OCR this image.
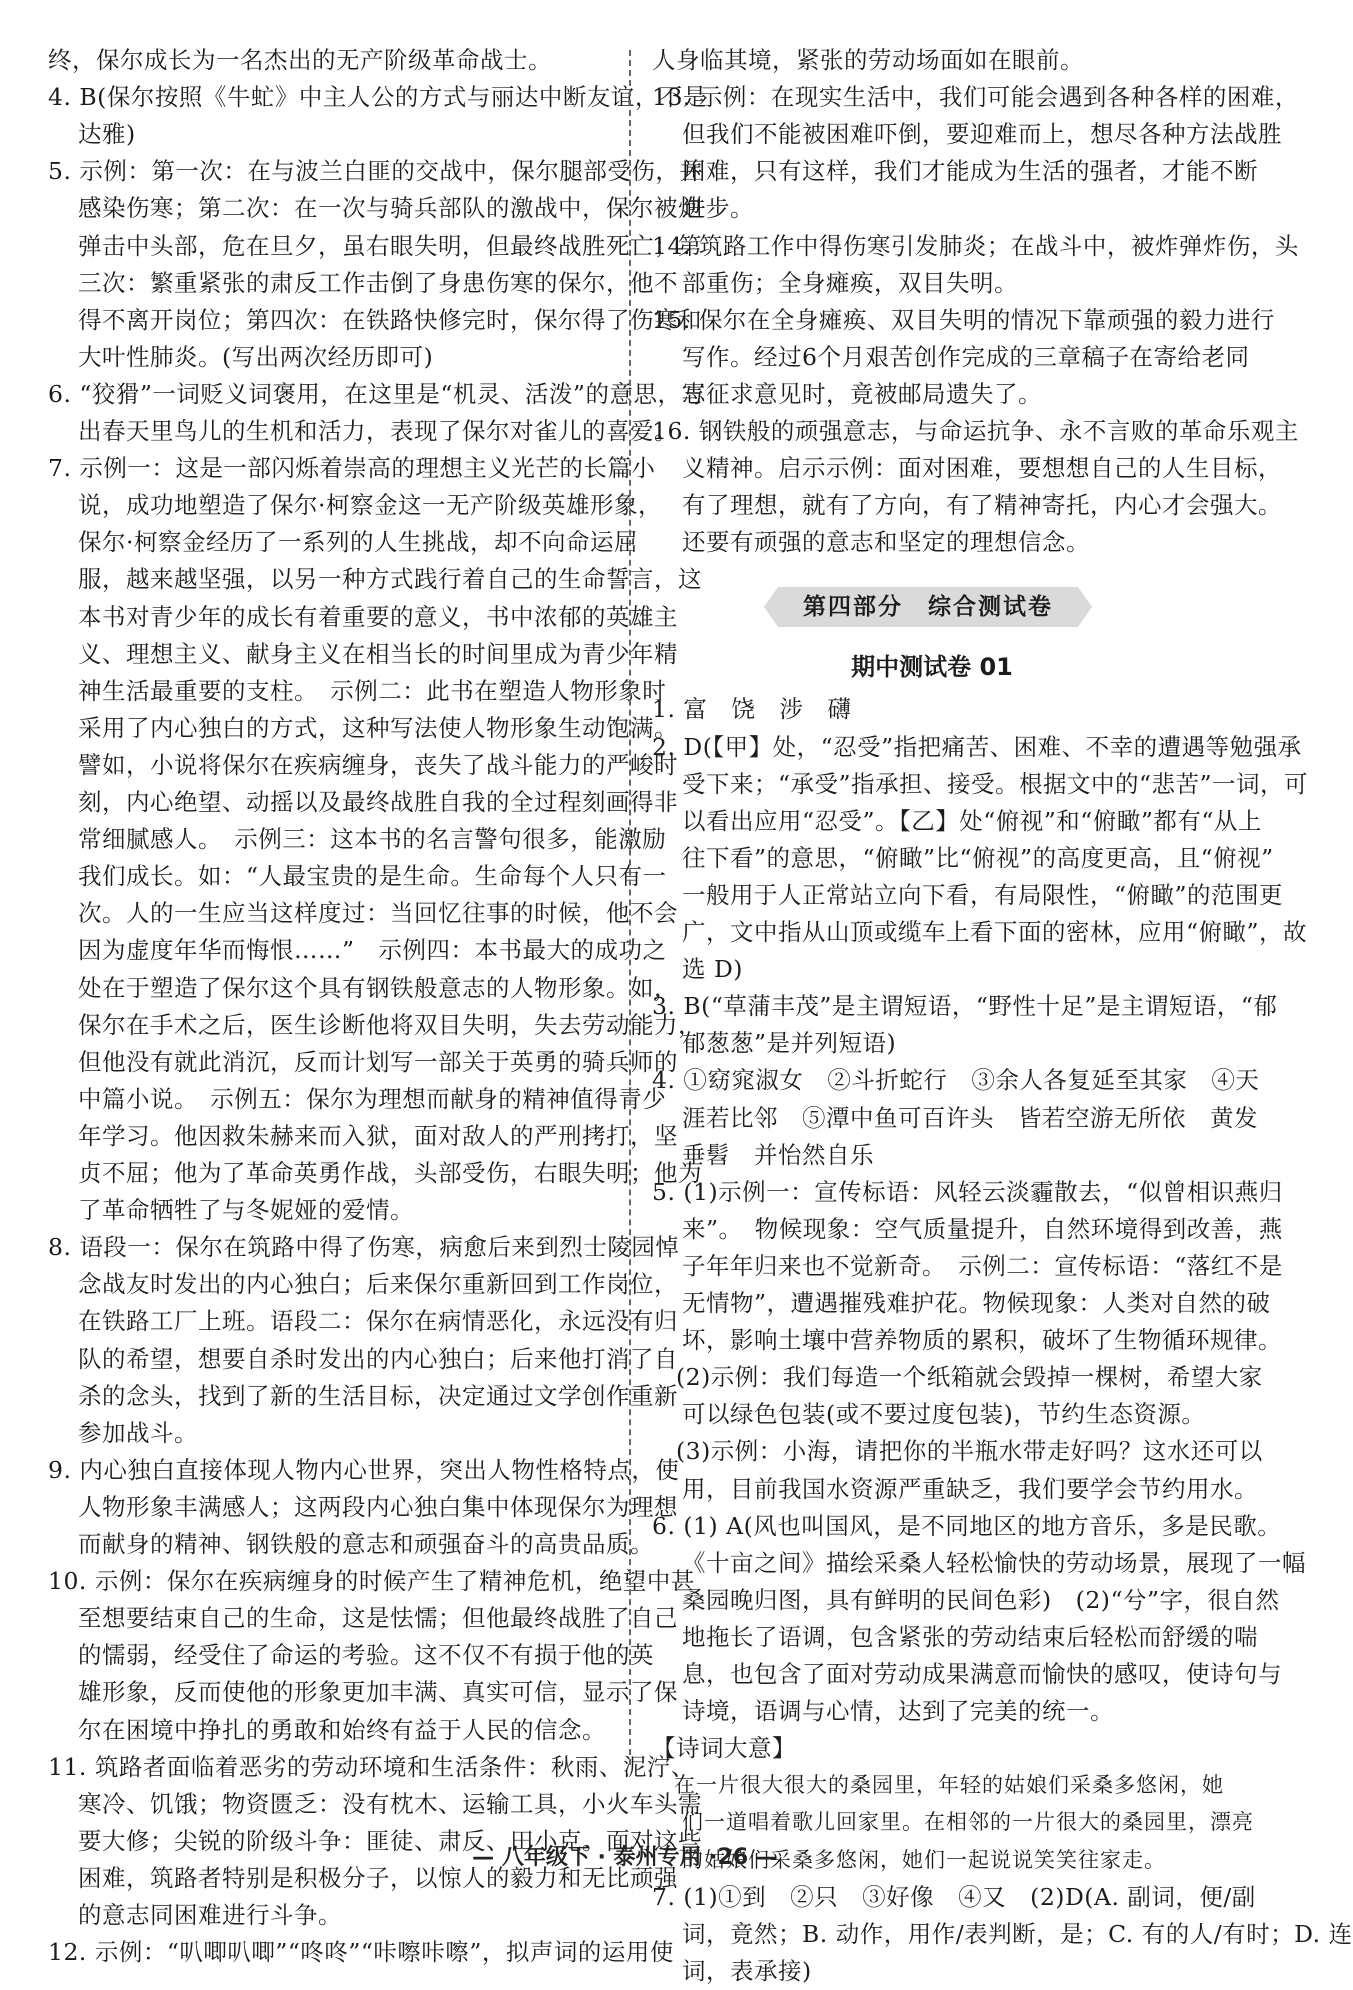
终，保尔成长为一名杰出的无产阶级革命战士。
4. B(保尔按照《牛虻》中主人公的方式与丽达中断友谊，不是
达雅)
5. 示例：第一次：在与波兰白匪的交战中，保尔腿部受伤，并
感染伤寒；第二次：在一次与骑兵部队的激战中，保尔被炮
弹击中头部，危在旦夕，虽右眼失明，但最终战胜死亡；第
三次：繁重紧张的肃反工作击倒了身患伤寒的保尔，他不
得不离开岗位；第四次：在铁路快修完时，保尔得了伤寒和
大叶性肺炎。(写出两次经历即可)
6. “狡猾”一词贬义词褒用，在这里是“机灵、活泼”的意思，写
出春天里鸟儿的生机和活力，表现了保尔对雀儿的喜爱。
7. 示例一：这是一部闪烁着崇高的理想主义光芒的长篇小
说，成功地塑造了保尔·柯察金这一无产阶级英雄形象，
保尔·柯察金经历了一系列的人生挑战，却不向命运屈
服，越来越坚强，以另一种方式践行着自己的生命誓言，这
本书对青少年的成长有着重要的意义，书中浓郁的英雄主
义、理想主义、献身主义在相当长的时间里成为青少年精
神生活最重要的支柱。　示例二：此书在塑造人物形象时
采用了内心独白的方式，这种写法使人物形象生动饱满。
譬如，小说将保尔在疾病缠身，丧失了战斗能力的严峻时
刻，内心绝望、动摇以及最终战胜自我的全过程刻画得非
常细腻感人。　示例三：这本书的名言警句很多，能激励
我们成长。如：“人最宝贵的是生命。生命每个人只有一
次。人的一生应当这样度过：当回忆往事的时候，他不会
因为虚度年华而悔恨……”　示例四：本书最大的成功之
处在于塑造了保尔这个具有钢铁般意志的人物形象。如，
保尔在手术之后，医生诊断他将双目失明，失去劳动能力，
但他没有就此消沉，反而计划写一部关于英勇的骑兵师的
中篇小说。　示例五：保尔为理想而献身的精神值得青少
年学习。他因救朱赫来而入狱，面对敌人的严刑拷打，坚
贞不屈；他为了革命英勇作战，头部受伤，右眼失明；他为
了革命牺牲了与冬妮娅的爱情。
8. 语段一：保尔在筑路中得了伤寒，病愈后来到烈士陵园悼
念战友时发出的内心独白；后来保尔重新回到工作岗位，
在铁路工厂上班。语段二：保尔在病情恶化，永远没有归
队的希望，想要自杀时发出的内心独白；后来他打消了自
杀的念头，找到了新的生活目标，决定通过文学创作重新
参加战斗。
9. 内心独白直接体现人物内心世界，突出人物性格特点，使
人物形象丰满感人；这两段内心独白集中体现保尔为理想
而献身的精神、钢铁般的意志和顽强奋斗的高贵品质。
10. 示例：保尔在疾病缠身的时候产生了精神危机，绝望中甚
至想要结束自己的生命，这是怯懦；但他最终战胜了自己
的懦弱，经受住了命运的考验。这不仅不有损于他的英
雄形象，反而使他的形象更加丰满、真实可信，显示了保
尔在困境中挣扎的勇敢和始终有益于人民的信念。
11. 筑路者面临着恶劣的劳动环境和生活条件：秋雨、泥泞、
寒冷、饥饿；物资匮乏：没有枕木、运输工具，小火车头需
要大修；尖锐的阶级斗争：匪徒、肃反、田小克。面对这些
困难，筑路者特别是积极分子，以惊人的毅力和无比顽强
的意志同困难进行斗争。
12. 示例：“叭唧叭唧”“咚咚”“咔嚓咔嚓”，拟声词的运用使
人身临其境，紧张的劳动场面如在眼前。
13. 示例：在现实生活中，我们可能会遇到各种各样的困难，
但我们不能被困难吓倒，要迎难而上，想尽各种方法战胜
困难，只有这样，我们才能成为生活的强者，才能不断
进步。
14. 筑路工作中得伤寒引发肺炎；在战斗中，被炸弹炸伤，头
部重伤；全身瘫痪，双目失明。
15. 保尔在全身瘫痪、双目失明的情况下靠顽强的毅力进行
写作。经过6个月艰苦创作完成的三章稿子在寄给老同
志征求意见时，竟被邮局遗失了。
16. 钢铁般的顽强意志，与命运抗争、永不言败的革命乐观主
义精神。启示示例：面对困难，要想想自己的人生目标，
有了理想，就有了方向，有了精神寄托，内心才会强大。
还要有顽强的意志和坚定的理想信念。
第四部分　综合测试卷
期中测试卷 01
1. 富　饶　涉　礴
2. D(【甲】处，“忍受”指把痛苦、困难、不幸的遭遇等勉强承
受下来；“承受”指承担、接受。根据文中的“悲苦”一词，可
以看出应用“忍受”。【乙】处“俯视”和“俯瞰”都有“从上
往下看”的意思，“俯瞰”比“俯视”的高度更高，且“俯视”
一般用于人正常站立向下看，有局限性，“俯瞰”的范围更
广，文中指从山顶或缆车上看下面的密林，应用“俯瞰”，故
选 D)
3. B(“草蒲丰茂”是主谓短语，“野性十足”是主谓短语，“郁
郁葱葱”是并列短语)
4. ①窈窕淑女　②斗折蛇行　③余人各复延至其家　④天
涯若比邻　⑤潭中鱼可百许头　皆若空游无所依　黄发
垂髫　并怡然自乐
5. (1)示例一：宣传标语：风轻云淡霾散去，“似曾相识燕归
来”。　物候现象：空气质量提升，自然环境得到改善，燕
子年年归来也不觉新奇。　示例二：宣传标语：“落红不是
无情物”，遭遇摧残难护花。物候现象：人类对自然的破
坏，影响土壤中营养物质的累积，破坏了生物循环规律。
　(2)示例：我们每造一个纸箱就会毁掉一棵树，希望大家
可以绿色包装(或不要过度包装)，节约生态资源。
　(3)示例：小海，请把你的半瓶水带走好吗？这水还可以
用，目前我国水资源严重缺乏，我们要学会节约用水。
6. (1) A(风也叫国风，是不同地区的地方音乐，多是民歌。
《十亩之间》描绘采桑人轻松愉快的劳动场景，展现了一幅
桑园晚归图，具有鲜明的民间色彩)　(2)“兮”字，很自然
地拖长了语调，包含紧张的劳动结束后轻松而舒缓的喘
息，也包含了面对劳动成果满意而愉快的感叹，使诗句与
诗境，语调与心情，达到了完美的统一。
【诗词大意】
　在一片很大很大的桑园里，年轻的姑娘们采桑多悠闲，她
们一道唱着歌儿回家里。在相邻的一片很大的桑园里，漂亮
的姑娘们采桑多悠闲，她们一起说说笑笑往家走。
7. (1)①到　②只　③好像　④又　(2)D(A. 副词，便/副
词，竟然；B. 动作，用作/表判断，是；C. 有的人/有时；D. 连
词，表承接)
— 八年级下 · 泰州专用 ·26 —
